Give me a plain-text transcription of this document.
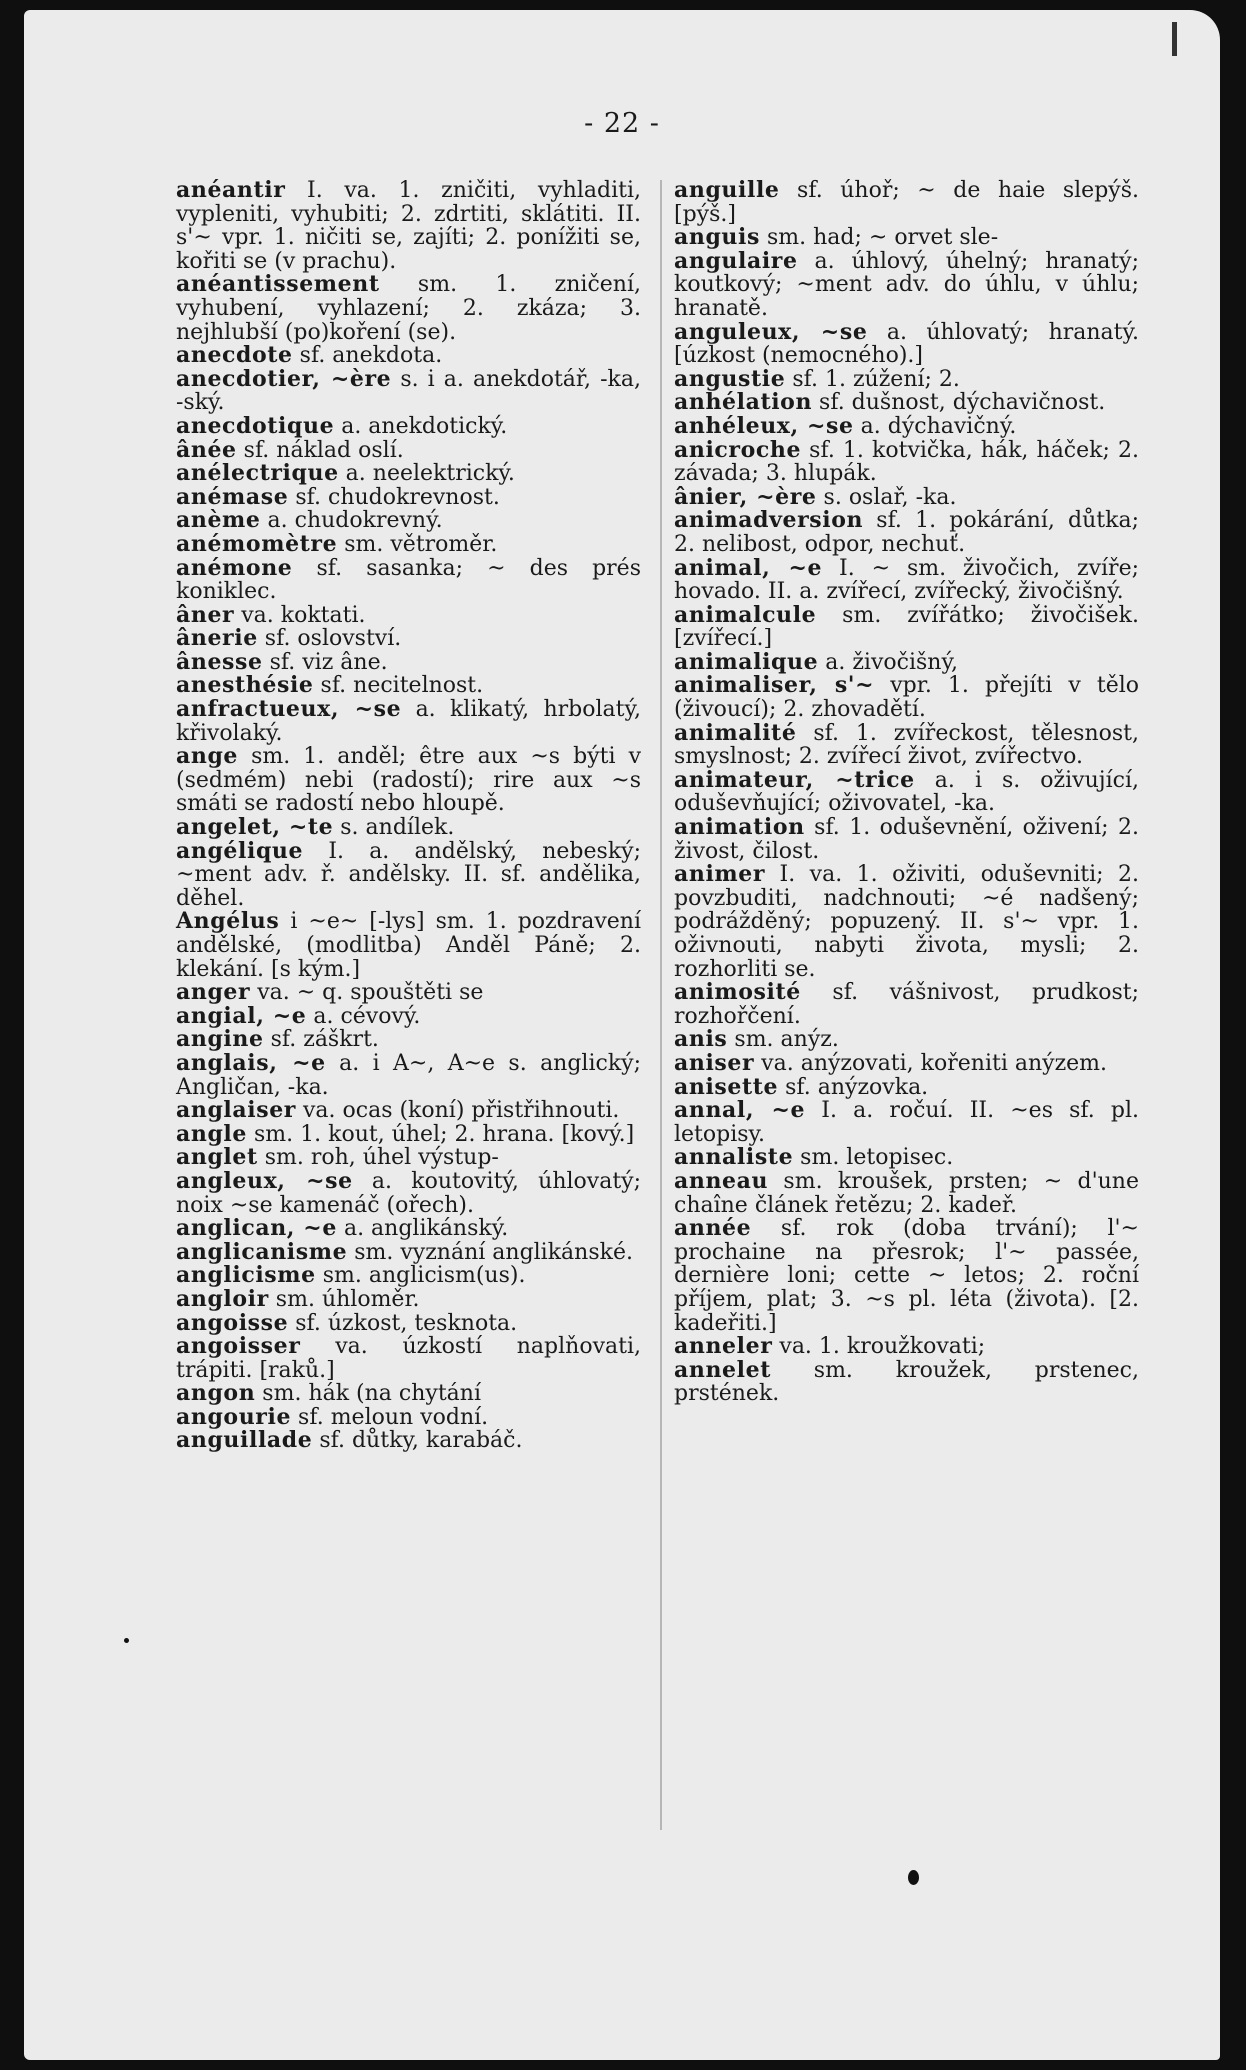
- 22 -

anéantir I. va. 1. zničiti, vyhladiti, vypleniti, vyhubiti; 2. zdrtiti, sklátiti. II. s'~ vpr. 1. ničiti se, zajíti; 2. ponížiti se, kořiti se (v prachu).

anéantissement sm. 1. zničení, vyhubení, vyhlazení; 2. zkáza; 3. nejhlubší (po)koření (se).

anecdote sf. anekdota.

anecdotier, ~ère s. i a. anekdotář, -ka, -ský.

anecdotique a. anekdotický.

ânée sf. náklad oslí.

anélectrique a. neelektrický.

anémase sf. chudokrevnost.

anème a. chudokrevný.

anémomètre sm. větroměr.

anémone sf. sasanka; ~ des prés koniklec.

âner va. koktati.

ânerie sf. oslovství.

ânesse sf. viz âne.

anesthésie sf. necitelnost.

anfractueux, ~se a. klikatý, hrbolatý, křivolaký.

ange sm. 1. anděl; être aux ~s býti v (sedmém) nebi (radostí); rire aux ~s smáti se radostí nebo hloupě.

angelet, ~te s. andílek.

angélique I. a. andělský, nebeský; ~ment adv. ř. andělsky. II. sf. andělika, děhel.

Angélus i ~e~ [-lys] sm. 1. pozdravení andělské, (modlitba) Anděl Páně; 2. klekání. [s kým.]

anger va. ~ q. spouštěti se

angial, ~e a. cévový.

angine sf. záškrt.

anglais, ~e a. i A~, A~e s. anglický; Angličan, -ka.

anglaiser va. ocas (koní) přistřihnouti.

angle sm. 1. kout, úhel; 2. hrana. [kový.]

anglet sm. roh, úhel výstup-

angleux, ~se a. koutovitý, úhlovatý; noix ~se kamenáč (ořech).

anglican, ~e a. anglikánský.

anglicanisme sm. vyznání anglikánské.

anglicisme sm. anglicism(us).

angloir sm. úhloměr.

angoisse sf. úzkost, tesknota.

angoisser va. úzkostí naplňovati, trápiti. [raků.]

angon sm. hák (na chytání

angourie sf. meloun vodní.

anguillade sf. důtky, karabáč.

anguille sf. úhoř; ~ de haie slepýš. [pýš.]

anguis sm. had; ~ orvet sle-

angulaire a. úhlový, úhelný; hranatý; koutkový; ~ment adv. do úhlu, v úhlu; hranatě.

anguleux, ~se a. úhlovatý; hranatý. [úzkost (nemocného).]

angustie sf. 1. zúžení; 2.

anhélation sf. dušnost, dýchavičnost.

anhéleux, ~se a. dýchavičný.

anicroche sf. 1. kotvička, hák, háček; 2. závada; 3. hlupák.

ânier, ~ère s. oslař, -ka.

animadversion sf. 1. pokárání, důtka; 2. nelibost, odpor, nechuť.

animal, ~e I. ~ sm. živočich, zvíře; hovado. II. a. zvířecí, zvířecký, živočišný.

animalcule sm. zvířátko; živočišek. [zvířecí.]

animalique a. živočišný,

animaliser, s'~ vpr. 1. přejíti v tělo (živoucí); 2. zhovadětí.

animalité sf. 1. zvířeckost, tělesnost, smyslnost; 2. zvířecí život, zvířectvo.

animateur, ~trice a. i s. oživující, oduševňující; oživovatel, -ka.

animation sf. 1. oduševnění, oživení; 2. živost, čilost.

animer I. va. 1. oživiti, oduševniti; 2. povzbuditi, nadchnouti; ~é nadšený; podrážděný; popuzený. II. s'~ vpr. 1. oživnouti, nabyti života, mysli; 2. rozhorliti se.

animosité sf. vášnivost, prudkost; rozhořčení.

anis sm. anýz.

aniser va. anýzovati, kořeniti anýzem.

anisette sf. anýzovka.

annal, ~e I. a. ročuí. II. ~es sf. pl. letopisy.

annaliste sm. letopisec.

anneau sm. kroušek, prsten; ~ d'une chaîne článek řetězu; 2. kadeř.

année sf. rok (doba trvání); l'~ prochaine na přesrok; l'~ passée, dernière loni; cette ~ letos; 2. roční příjem, plat; 3. ~s pl. léta (života). [2. kadeřiti.]

anneler va. 1. kroužkovati;

annelet sm. kroužek, prstenec, prstének.
